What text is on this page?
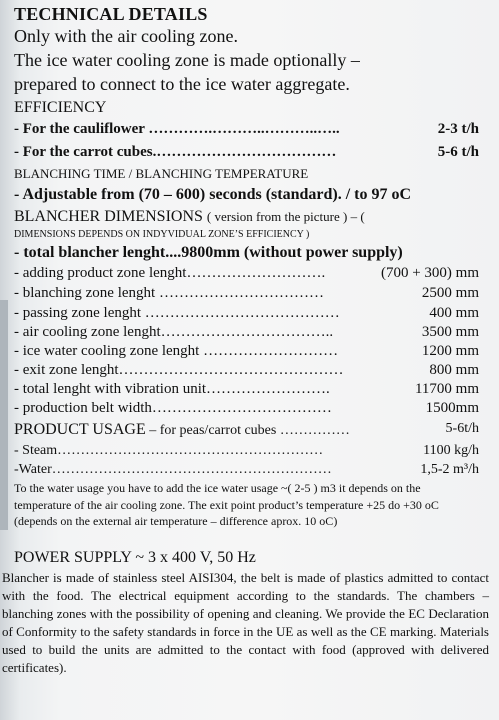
TECHNICAL DETAILS
Only with the air cooling zone.
The ice water cooling zone is made optionally –
prepared to connect to the ice water aggregate.
EFFICIENCY
- For the cauliflower ………….………..………..…..	2-3 t/h
- For the carrot cubes.………………………………	5-6 t/h
BLANCHING TIME / BLANCHING TEMPERATURE
- Adjustable from (70 – 600) seconds (standard). / to 97 oC
BLANCHER DIMENSIONS ( version from the picture ) – (
DIMENSIONS DEPENDS ON INDYVIDUAL ZONE’S EFFICIENCY )
- total blancher lenght....9800mm (without power supply)
- adding product zone lenght……………………….	(700 + 300) mm
- blanching zone lenght ……………………………	2500 mm
- passing zone lenght …………………………………	400 mm
- air cooling zone lenght……………………………..	3500 mm
- ice water cooling zone lenght ………………………	1200 mm
- exit zone lenght………………………………………	800 mm
- total lenght with vibration unit…………………….	11700 mm
- production belt width………………………………	1500mm
PRODUCT USAGE – for peas/carrot cubes ……………	5-6t/h
- Steam…………………………………………………	1100 kg/h
-Water……………………………………………………	1,5-2 m³/h
To the water usage you have to add the ice water usage ~( 2-5 ) m3 it depends on the temperature of the air cooling zone. The exit point product’s temperature +25 do +30 oC (depends on the external air temperature – difference aprox. 10 oC)
POWER SUPPLY ~ 3 x 400 V, 50 Hz
Blancher is made of stainless steel AISI304, the belt is made of plastics admitted to contact with the food. The electrical equipment according to the standards. The chambers – blanching zones with the possibility of opening and cleaning. We provide the EC Declaration of Conformity to the safety standards in force in the UE as well as the CE marking. Materials used to build the units are admitted to the contact with food (approved with delivered certificates).
